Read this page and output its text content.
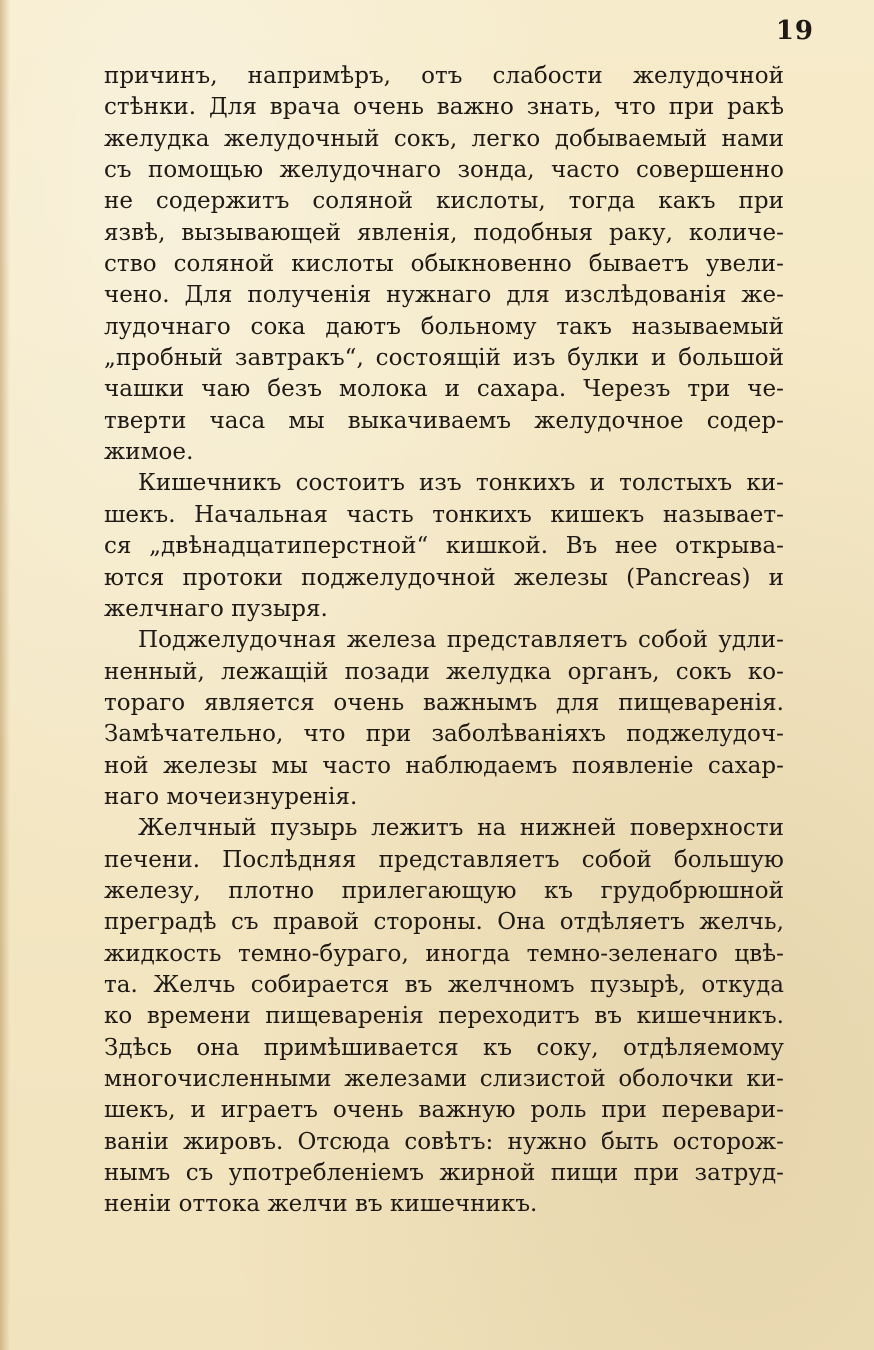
19
причинъ, напримѣръ, отъ слабости желудочной
стѣнки. Для врача очень важно знать, что при ракѣ
желудка желудочный сокъ, легко добываемый нами
съ помощью желудочнаго зонда, часто совершенно
не содержитъ соляной кислоты, тогда какъ при
язвѣ, вызывающей явленія, подобныя раку, количе-
ство соляной кислоты обыкновенно бываетъ увели-
чено. Для полученія нужнаго для изслѣдованія же-
лудочнаго сока даютъ больному такъ называемый
„пробный завтракъ“, состоящій изъ булки и большой
чашки чаю безъ молока и сахара. Черезъ три че-
тверти часа мы выкачиваемъ желудочное содер-
жимое.
Кишечникъ состоитъ изъ тонкихъ и толстыхъ ки-
шекъ. Начальная часть тонкихъ кишекъ называет-
ся „двѣнадцатиперстной“ кишкой. Въ нее открыва-
ются протоки поджелудочной железы (Pancreas) и
желчнаго пузыря.
Поджелудочная железа представляетъ собой удли-
ненный, лежащій позади желудка органъ, сокъ ко-
тораго является очень важнымъ для пищеваренія.
Замѣчательно, что при заболѣваніяхъ поджелудоч-
ной железы мы часто наблюдаемъ появленіе сахар-
наго мочеизнуренія.
Желчный пузырь лежитъ на нижней поверхности
печени. Послѣдняя представляетъ собой большую
железу, плотно прилегающую къ грудобрюшной
преградѣ съ правой стороны. Она отдѣляетъ желчь,
жидкость темно-бураго, иногда темно-зеленаго цвѣ-
та. Желчь собирается въ желчномъ пузырѣ, откуда
ко времени пищеваренія переходитъ въ кишечникъ.
Здѣсь она примѣшивается къ соку, отдѣляемому
многочисленными железами слизистой оболочки ки-
шекъ, и играетъ очень важную роль при перевари-
ваніи жировъ. Отсюда совѣтъ: нужно быть осторож-
нымъ съ употребленіемъ жирной пищи при затруд-
неніи оттока желчи въ кишечникъ.
